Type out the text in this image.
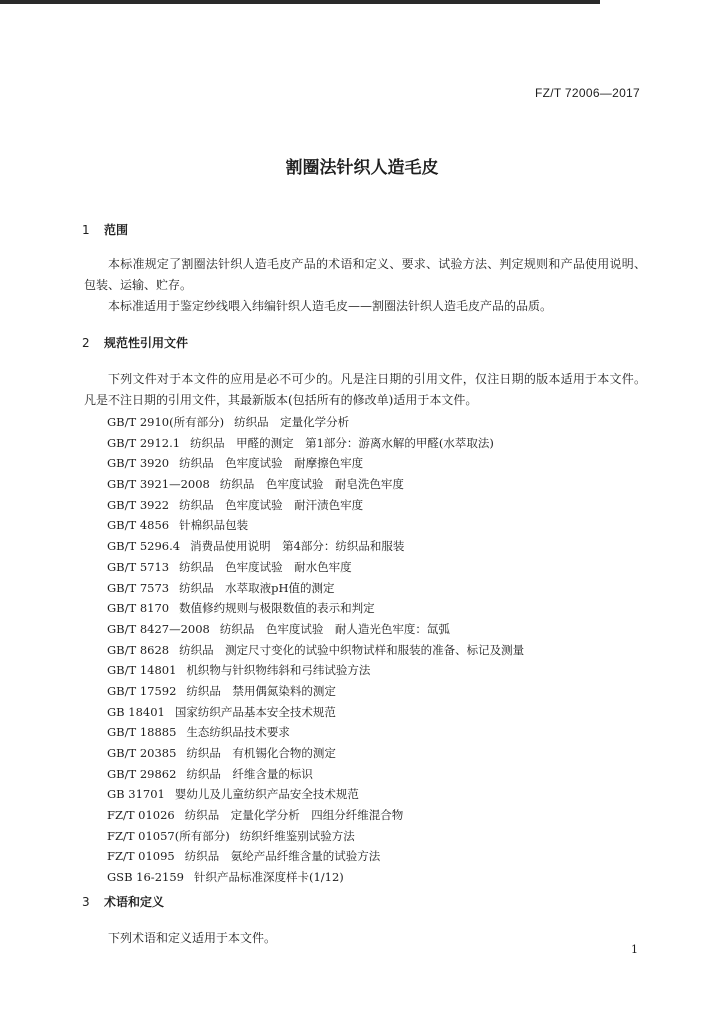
FZ/T 72006—2017
割圈法针织人造毛皮
1 范围

本标准规定了割圈法针织人造毛皮产品的术语和定义、要求、试验方法、判定规则和产品使用说明、包装、运输、贮存。

本标准适用于鉴定纱线喂入纬编针织人造毛皮——割圈法针织人造毛皮产品的品质。

2 规范性引用文件

下列文件对于本文件的应用是必不可少的。凡是注日期的引用文件，仅注日期的版本适用于本文件。凡是不注日期的引用文件，其最新版本(包括所有的修改单)适用于本文件。

GB/T 2910(所有部分) 纺织品　定量化学分析
GB/T 2912.1 纺织品　甲醛的测定　第1部分：游离水解的甲醛(水萃取法)
GB/T 3920 纺织品　色牢度试验　耐摩擦色牢度
GB/T 3921—2008 纺织品　色牢度试验　耐皂洗色牢度
GB/T 3922 纺织品　色牢度试验　耐汗渍色牢度
GB/T 4856 针棉织品包装
GB/T 5296.4 消费品使用说明　第4部分：纺织品和服装
GB/T 5713 纺织品　色牢度试验　耐水色牢度
GB/T 7573 纺织品　水萃取液pH值的测定
GB/T 8170 数值修约规则与极限数值的表示和判定
GB/T 8427—2008 纺织品　色牢度试验　耐人造光色牢度：氙弧
GB/T 8628 纺织品　测定尺寸变化的试验中织物试样和服装的准备、标记及测量
GB/T 14801 机织物与针织物纬斜和弓纬试验方法
GB/T 17592 纺织品　禁用偶氮染料的测定
GB 18401 国家纺织产品基本安全技术规范
GB/T 18885 生态纺织品技术要求
GB/T 20385 纺织品　有机锡化合物的测定
GB/T 29862 纺织品　纤维含量的标识
GB 31701 婴幼儿及儿童纺织产品安全技术规范
FZ/T 01026 纺织品　定量化学分析　四组分纤维混合物
FZ/T 01057(所有部分) 纺织纤维鉴别试验方法
FZ/T 01095 纺织品　氨纶产品纤维含量的试验方法
GSB 16-2159 针织产品标准深度样卡(1/12)
3 术语和定义

下列术语和定义适用于本文件。

1
